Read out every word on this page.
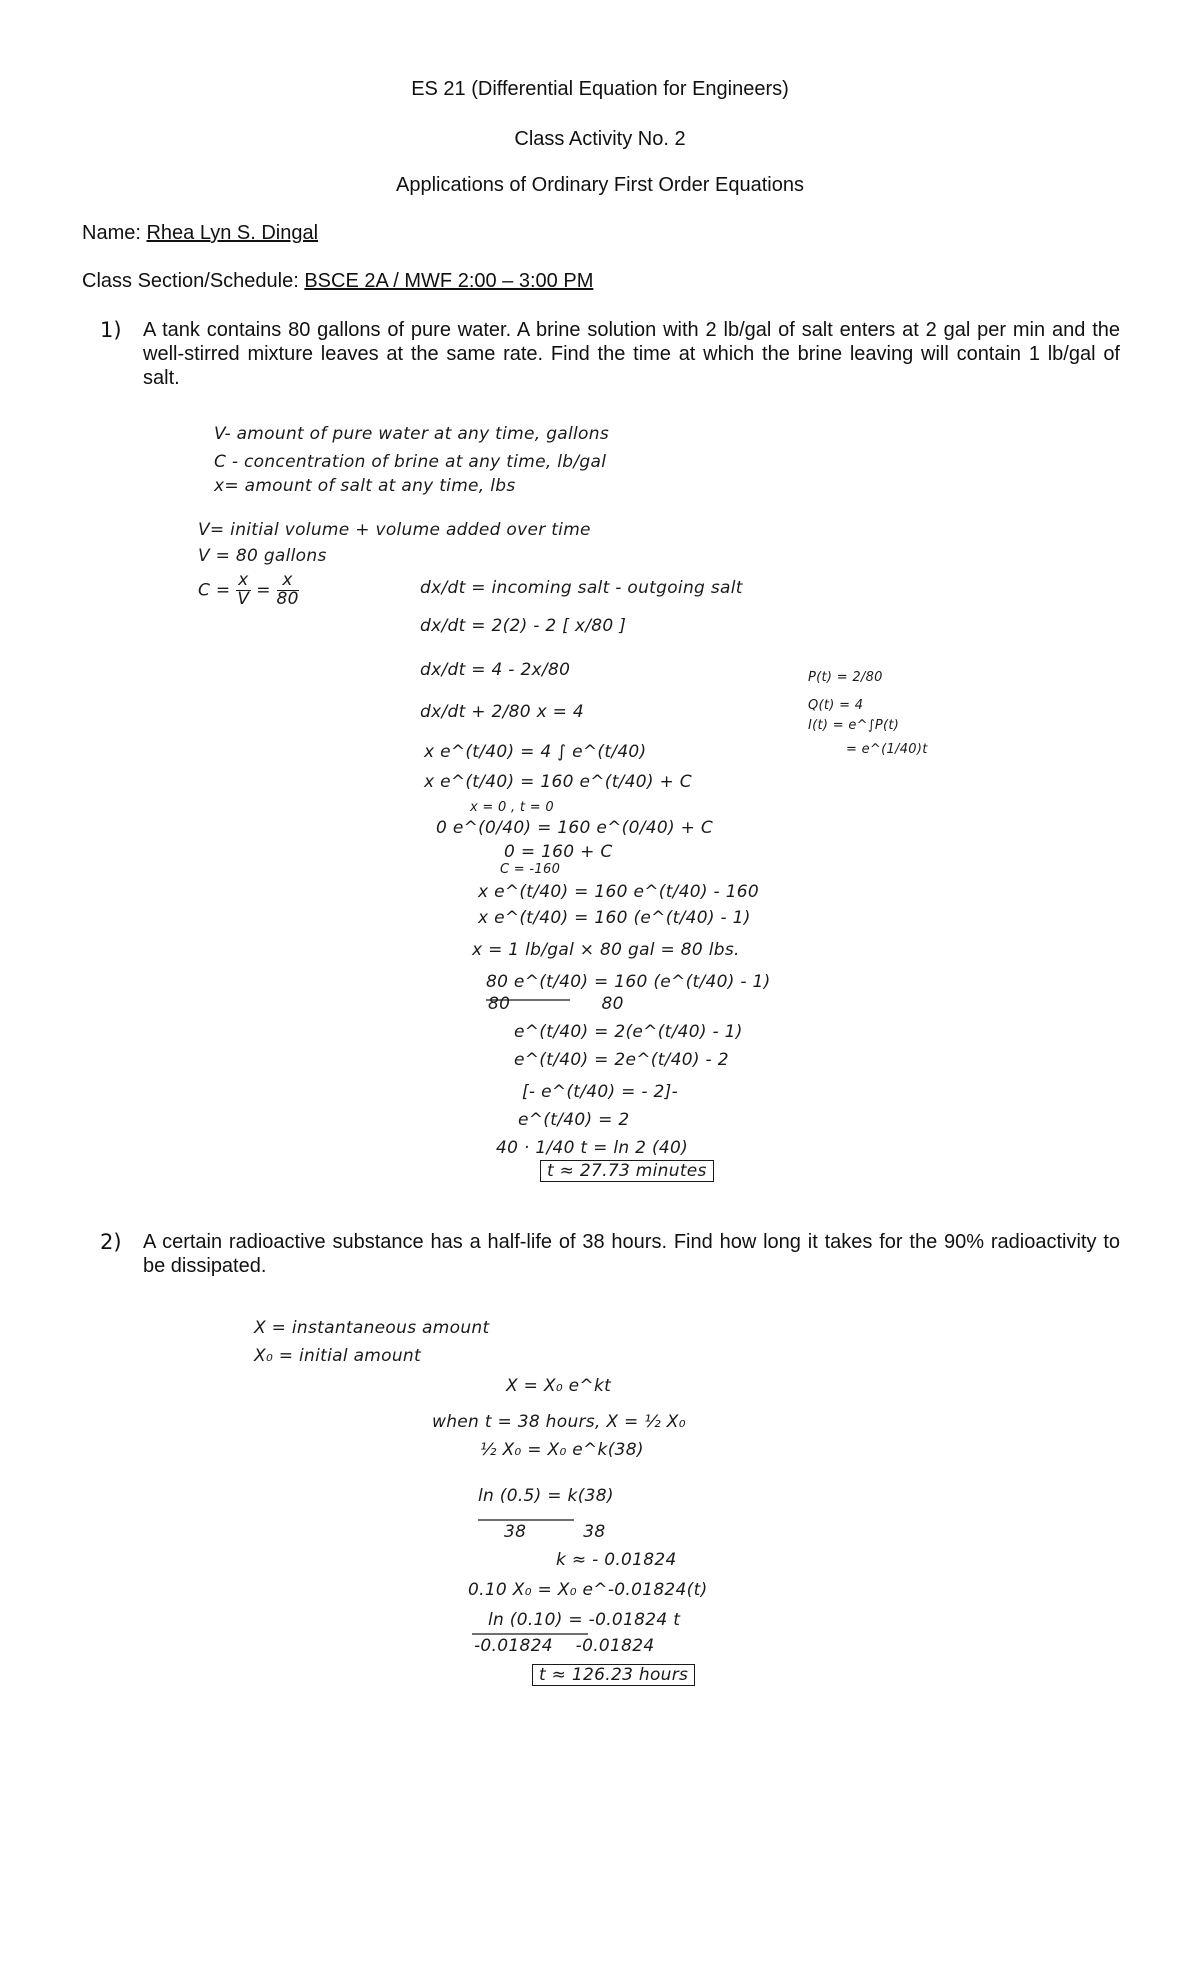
ES 21 (Differential Equation for Engineers)
Class Activity No. 2
Applications of Ordinary First Order Equations
Name: Rhea Lyn S. Dingal
Class Section/Schedule: BSCE 2A / MWF 2:00 – 3:00 PM
1) A tank contains 80 gallons of pure water. A brine solution with 2 lb/gal of salt enters at 2 gal per min and the well-stirred mixture leaves at the same rate. Find the time at which the brine leaving will contain 1 lb/gal of salt.
V- amount of pure water at any time, gallons
C - concentration of brine at any time, lb/gal
x= amount of salt at any time, lbs
V= initial volume + volume added over time
V = 80 gallons
$C = \frac{x}{V} = \frac{x}{80}$
P(t) = 2/80
Q(t) = 4
I(t) = e^∫P(t)
= e^(1/40)t
dx/dt = incoming salt - outgoing salt
dx/dt = 2(2) - 2 [ x/80 ]
dx/dt = 4 - 2x/80
dx/dt + 2/80 x = 4
x e^(t/40) = 4 ∫ e^(t/40)
x e^(t/40) = 160 e^(t/40) + C
x = 0 , t = 0
0 e^(0/40) = 160 e^(0/40) + C
0 = 160 + C
C = -160
x e^(t/40) = 160 e^(t/40) - 160
x e^(t/40) = 160 (e^(t/40) - 1)
x = 1 lb/gal × 80 gal = 80 lbs.
80 e^(t/40) = 160 (e^(t/40) - 1)
80                80
e^(t/40) = 2(e^(t/40) - 1)
e^(t/40) = 2e^(t/40) - 2
[- e^(t/40) = - 2]-
e^(t/40) = 2
40 · 1/40 t = ln 2 (40)
t ≈ 27.73 minutes
2) A certain radioactive substance has a half-life of 38 hours. Find how long it takes for the 90% radioactivity to be dissipated.
X = instantaneous amount
X₀ = initial amount
X = X₀ e^kt
when t = 38 hours, X = ½ X₀
½ X₀ = X₀ e^k(38)
ln (0.5) = k(38)
38          38
k ≈ - 0.01824
0.10 X₀ = X₀ e^-0.01824(t)
ln (0.10) = -0.01824 t
-0.01824    -0.01824
t ≈ 126.23 hours
